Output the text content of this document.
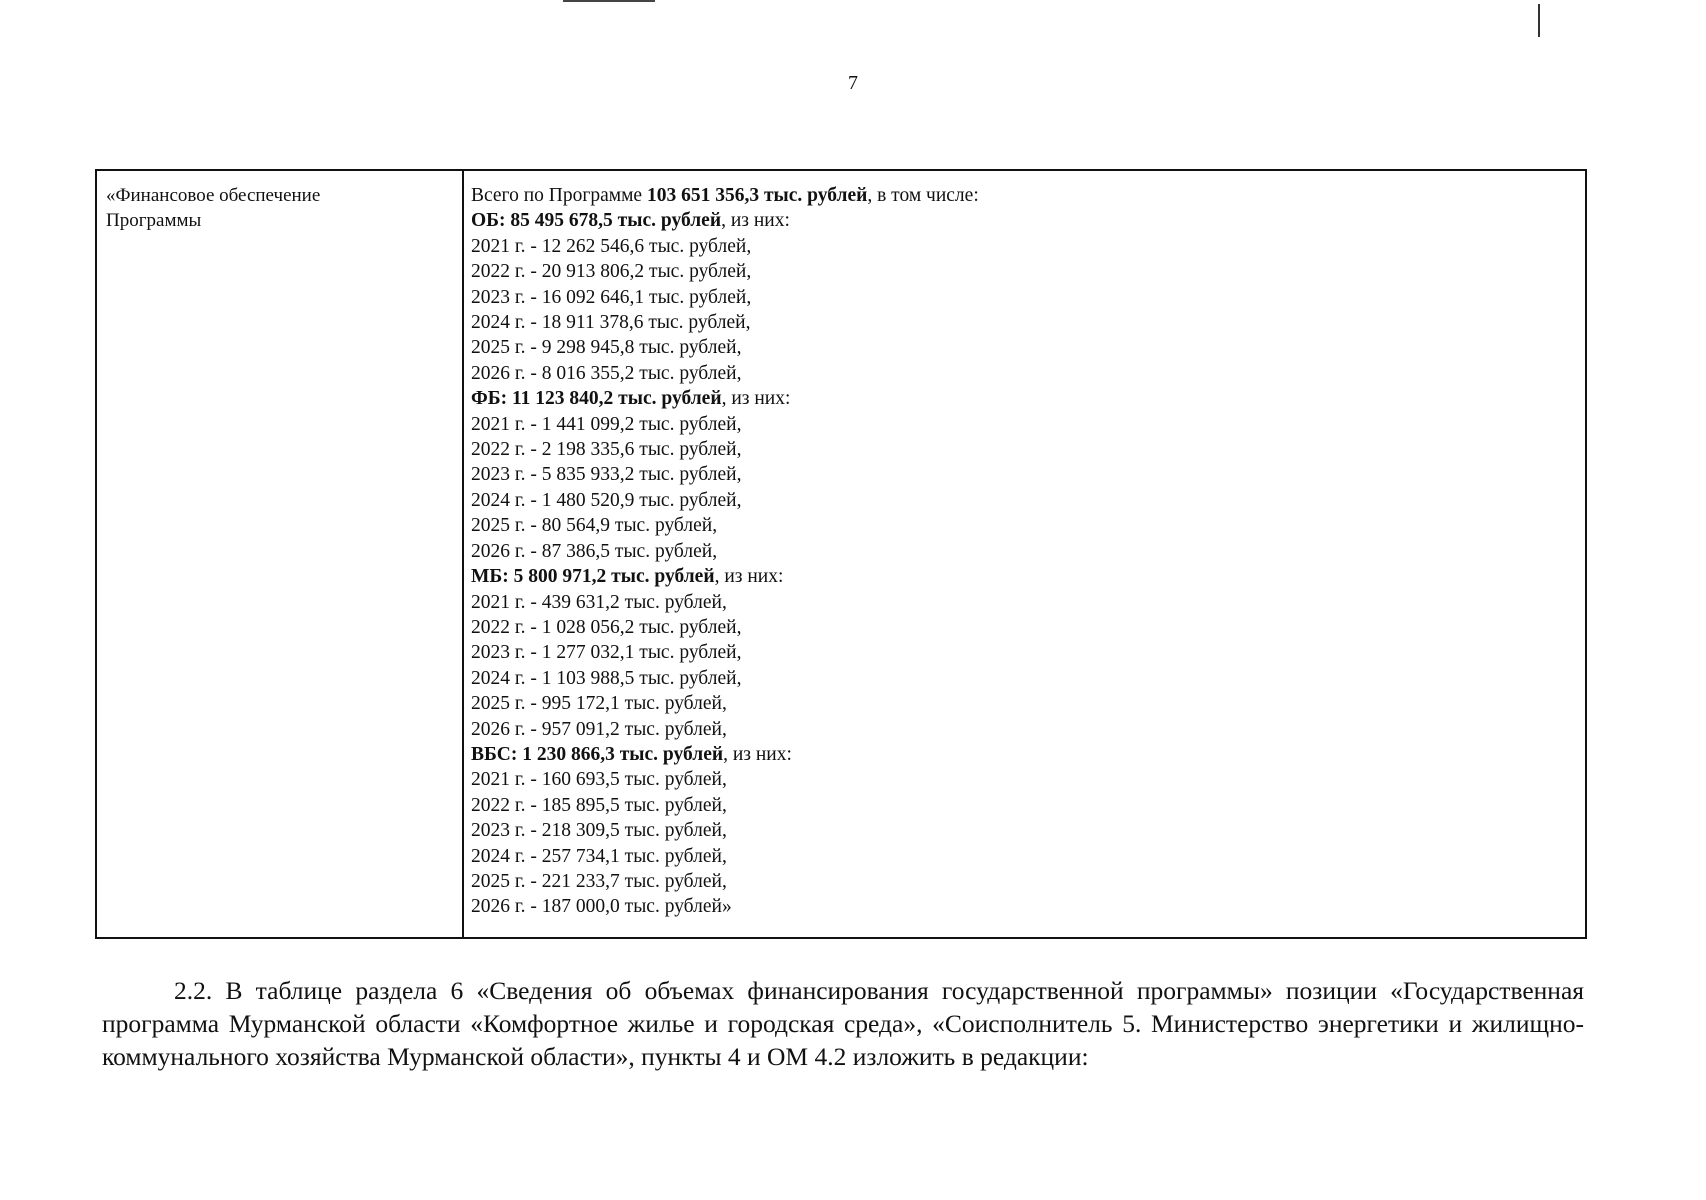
7
«Финансовое обеспечение
Программы
Всего по Программе 103 651 356,3 тыс. рублей, в том числе:
ОБ: 85 495 678,5 тыс. рублей, из них:
2021 г. - 12 262 546,6 тыс. рублей,
2022 г. - 20 913 806,2 тыс. рублей,
2023 г. - 16 092 646,1 тыс. рублей,
2024 г. - 18 911 378,6 тыс. рублей,
2025 г. - 9 298 945,8 тыс. рублей,
2026 г. - 8 016 355,2 тыс. рублей,
ФБ: 11 123 840,2 тыс. рублей, из них:
2021 г. - 1 441 099,2 тыс. рублей,
2022 г. - 2 198 335,6 тыс. рублей,
2023 г. - 5 835 933,2 тыс. рублей,
2024 г. - 1 480 520,9 тыс. рублей,
2025 г. - 80 564,9 тыс. рублей,
2026 г. - 87 386,5 тыс. рублей,
МБ: 5 800 971,2 тыс. рублей, из них:
2021 г. - 439 631,2 тыс. рублей,
2022 г. - 1 028 056,2 тыс. рублей,
2023 г. - 1 277 032,1 тыс. рублей,
2024 г. - 1 103 988,5 тыс. рублей,
2025 г. - 995 172,1 тыс. рублей,
2026 г. - 957 091,2 тыс. рублей,
ВБС: 1 230 866,3 тыс. рублей, из них:
2021 г. - 160 693,5 тыс. рублей,
2022 г. - 185 895,5 тыс. рублей,
2023 г. - 218 309,5 тыс. рублей,
2024 г. - 257 734,1 тыс. рублей,
2025 г. - 221 233,7 тыс. рублей,
2026 г. - 187 000,0 тыс. рублей»

2.2. В таблице раздела 6 «Сведения об объемах финансирования государственной программы» позиции «Государственная программа Мурманской области «Комфортное жилье и городская среда», «Соисполнитель 5. Министерство энергетики и жилищно-коммунального хозяйства Мурманской области», пункты 4 и ОМ 4.2 изложить в редакции:
